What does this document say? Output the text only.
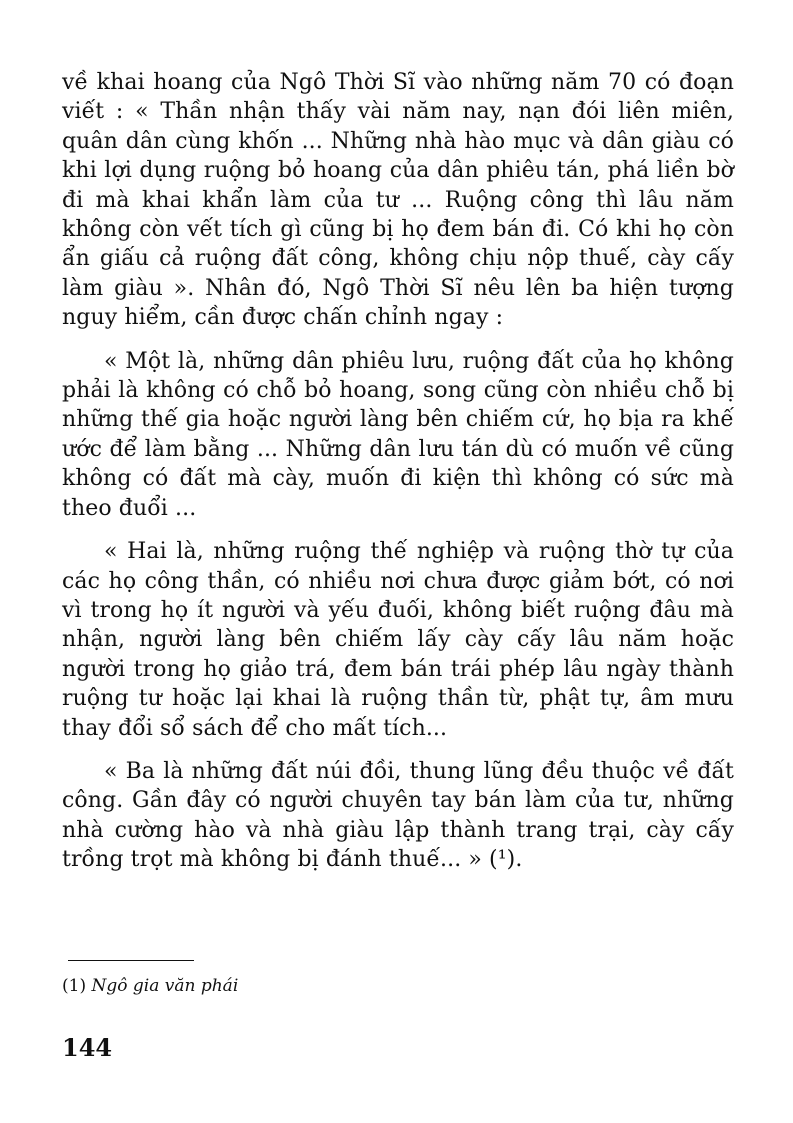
về khai hoang của Ngô Thời Sĩ vào những năm 70 có đoạn viết : « Thần nhận thấy vài năm nay, nạn đói liên miên, quân dân cùng khốn ... Những nhà hào mục và dân giàu có khi lợi dụng ruộng bỏ hoang của dân phiêu tán, phá liền bờ đi mà khai khẩn làm của tư ... Ruộng công thì lâu năm không còn vết tích gì cũng bị họ đem bán đi. Có khi họ còn ẩn giấu cả ruộng đất công, không chịu nộp thuế, cày cấy làm giàu ». Nhân đó, Ngô Thời Sĩ nêu lên ba hiện tượng nguy hiểm, cần được chấn chỉnh ngay :

« Một là, những dân phiêu lưu, ruộng đất của họ không phải là không có chỗ bỏ hoang, song cũng còn nhiều chỗ bị những thế gia hoặc người làng bên chiếm cứ, họ bịa ra khế ước để làm bằng ... Những dân lưu tán dù có muốn về cũng không có đất mà cày, muốn đi kiện thì không có sức mà theo đuổi ...

« Hai là, những ruộng thế nghiệp và ruộng thờ tự của các họ công thần, có nhiều nơi chưa được giảm bớt, có nơi vì trong họ ít người và yếu đuối, không biết ruộng đâu mà nhận, người làng bên chiếm lấy cày cấy lâu năm hoặc người trong họ giảo trá, đem bán trái phép lâu ngày thành ruộng tư hoặc lại khai là ruộng thần từ, phật tự, âm mưu thay đổi sổ sách để cho mất tích...

« Ba là những đất núi đồi, thung lũng đều thuộc về đất công. Gần đây có người chuyên tay bán làm của tư, những nhà cường hào và nhà giàu lập thành trang trại, cày cấy trồng trọt mà không bị đánh thuế... » (¹).

(1) Ngô gia văn phái
144
